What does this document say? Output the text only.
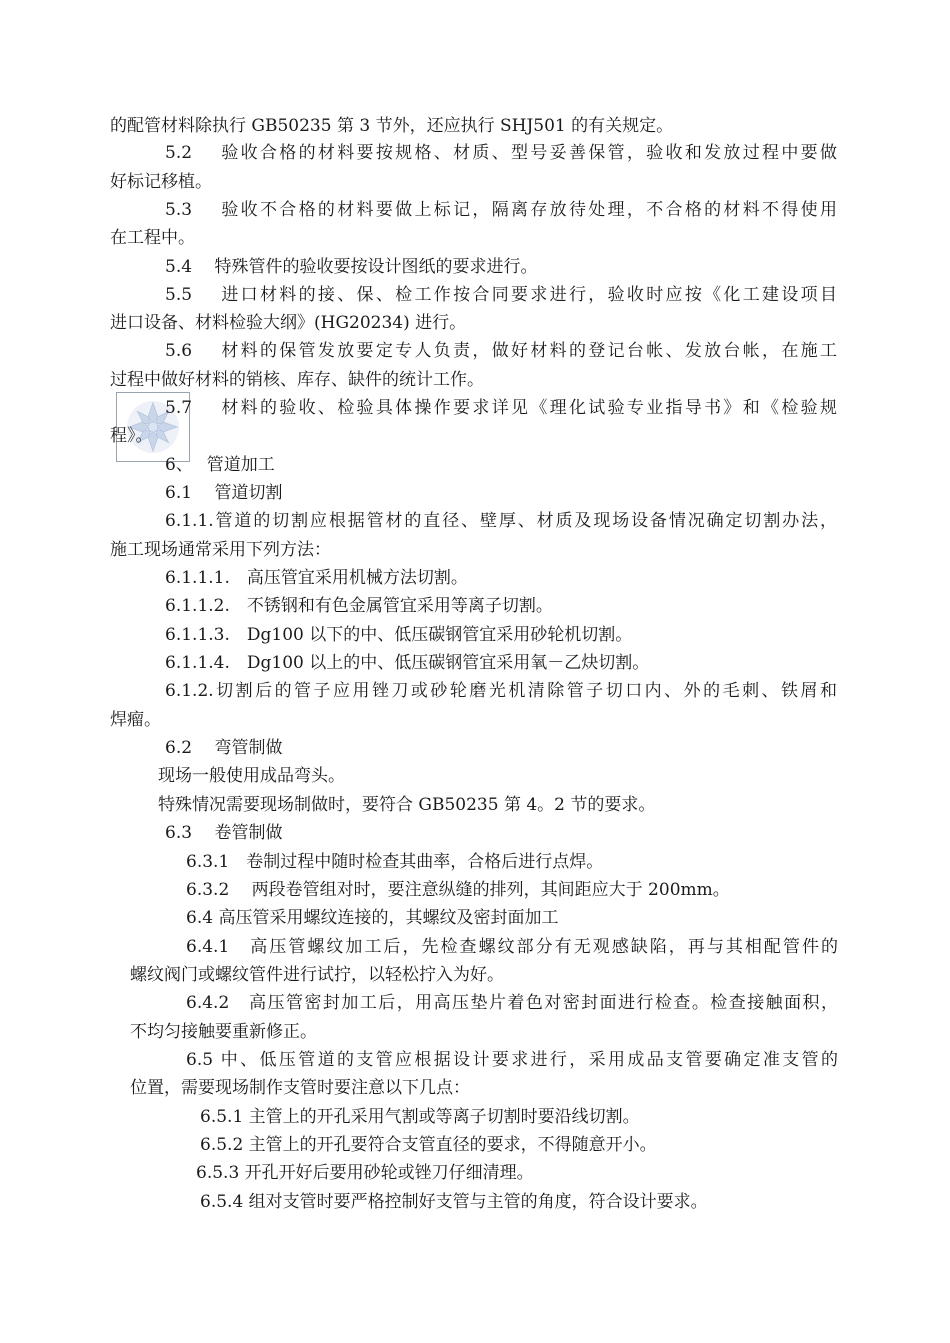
的配管材料除执行 GB50235 第 3 节外，还应执行 SHJ501 的有关规定。
5.2　 验收合格的材料要按规格、材质、型号妥善保管，验收和发放过程中要做
好标记移植。
5.3　 验收不合格的材料要做上标记，隔离存放待处理，不合格的材料不得使用
在工程中。
5.4　 特殊管件的验收要按设计图纸的要求进行。
5.5　 进口材料的接、保、检工作按合同要求进行，验收时应按《化工建设项目
进口设备、材料检验大纲》(HG20234) 进行。
5.6　 材料的保管发放要定专人负责，做好材料的登记台帐、发放台帐，在施工
过程中做好材料的销核、库存、缺件的统计工作。
5.7　 材料的验收、检验具体操作要求详见《理化试验专业指导书》和《检验规
程》。
6、　 管道加工
6.1　 管道切割
6.1.1.管道的切割应根据管材的直径、壁厚、材质及现场设备情况确定切割办法，
施工现场通常采用下列方法：
6.1.1.1.　高压管宜采用机械方法切割。
6.1.1.2.　不锈钢和有色金属管宜采用等离子切割。
6.1.1.3.　Dg100 以下的中、低压碳钢管宜采用砂轮机切割。
6.1.1.4.　Dg100 以上的中、低压碳钢管宜采用氧－乙炔切割。
6.1.2.切割后的管子应用锉刀或砂轮磨光机清除管子切口内、外的毛刺、铁屑和
焊瘤。
6.2　 弯管制做
现场一般使用成品弯头。
特殊情况需要现场制做时，要符合 GB50235 第 4。2 节的要求。
6.3　 卷管制做
6.3.1　卷制过程中随时检查其曲率，合格后进行点焊。
6.3.2　 两段卷管组对时，要注意纵缝的排列，其间距应大于 200mm。
6.4 高压管采用螺纹连接的，其螺纹及密封面加工
6.4.1　高压管螺纹加工后，先检查螺纹部分有无观感缺陷，再与其相配管件的
螺纹阀门或螺纹管件进行试拧，以轻松拧入为好。
6.4.2　高压管密封加工后，用高压垫片着色对密封面进行检查。检查接触面积，
不均匀接触要重新修正。
6.5 中、低压管道的支管应根据设计要求进行，采用成品支管要确定准支管的
位置，需要现场制作支管时要注意以下几点：
6.5.1 主管上的开孔采用气割或等离子切割时要沿线切割。
6.5.2 主管上的开孔要符合支管直径的要求，不得随意开小。
6.5.3 开孔开好后要用砂轮或锉刀仔细清理。
6.5.4 组对支管时要严格控制好支管与主管的角度，符合设计要求。
